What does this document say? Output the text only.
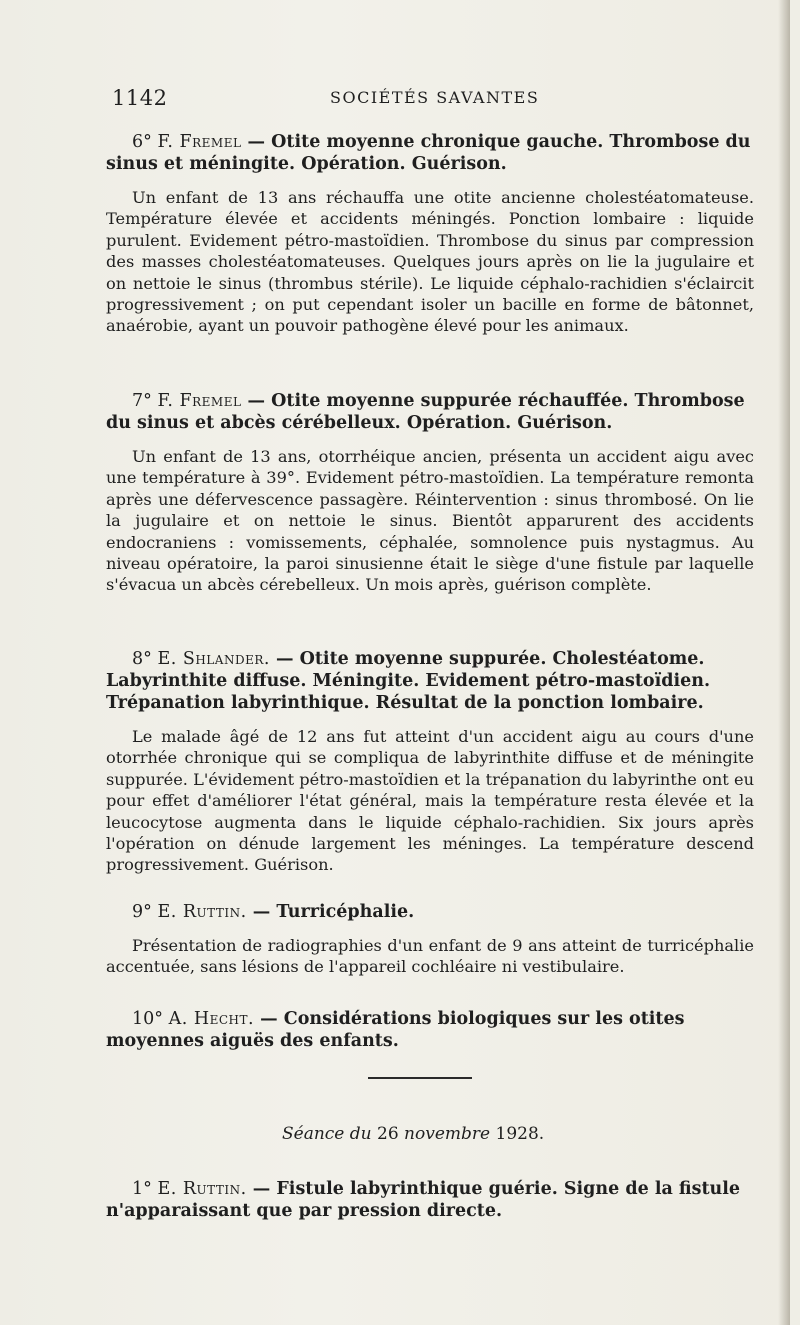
1142	SOCIÉTÉS SAVANTES

6° F. Fremel — Otite moyenne chronique gauche. Thrombose du sinus et méningite. Opération. Guérison.

Un enfant de 13 ans réchauffa une otite ancienne cholestéatomateuse. Température élevée et accidents méningés. Ponction lombaire : liquide purulent. Evidement pétro-mastoïdien. Thrombose du sinus par compression des masses cholestéatomateuses. Quelques jours après on lie la jugulaire et on nettoie le sinus (thrombus stérile). Le liquide céphalo-rachidien s'éclaircit progressivement ; on put cependant isoler un bacille en forme de bâtonnet, anaérobie, ayant un pouvoir pathogène élevé pour les animaux.

7° F. Fremel — Otite moyenne suppurée réchauffée. Thrombose du sinus et abcès cérébelleux. Opération. Guérison.

Un enfant de 13 ans, otorrhéique ancien, présenta un accident aigu avec une température à 39°. Evidement pétro-mastoïdien. La température remonta après une défervescence passagère. Réintervention : sinus thrombosé. On lie la jugulaire et on nettoie le sinus. Bientôt apparurent des accidents endocraniens : vomissements, céphalée, somnolence puis nystagmus. Au niveau opératoire, la paroi sinusienne était le siège d'une fistule par laquelle s'évacua un abcès cérebelleux. Un mois après, guérison complète.

8° E. Shlander. — Otite moyenne suppurée. Cholestéatome. Labyrinthite diffuse. Méningite. Evidement pétro-mastoïdien. Trépanation labyrinthique. Résultat de la ponction lombaire.

Le malade âgé de 12 ans fut atteint d'un accident aigu au cours d'une otorrhée chronique qui se compliqua de labyrinthite diffuse et de méningite suppurée. L'évidement pétro-mastoïdien et la trépanation du labyrinthe ont eu pour effet d'améliorer l'état général, mais la température resta élevée et la leucocytose augmenta dans le liquide céphalo-rachidien. Six jours après l'opération on dénude largement les méninges. La température descend progressivement. Guérison.

9° E. Ruttin. — Turricéphalie.

Présentation de radiographies d'un enfant de 9 ans atteint de turricéphalie accentuée, sans lésions de l'appareil cochléaire ni vestibulaire.

10° A. Hecht. — Considérations biologiques sur les otites moyennes aiguës des enfants.

Séance du 26 novembre 1928.

1° E. Ruttin. — Fistule labyrinthique guérie. Signe de la fistule n'apparaissant que par pression directe.
